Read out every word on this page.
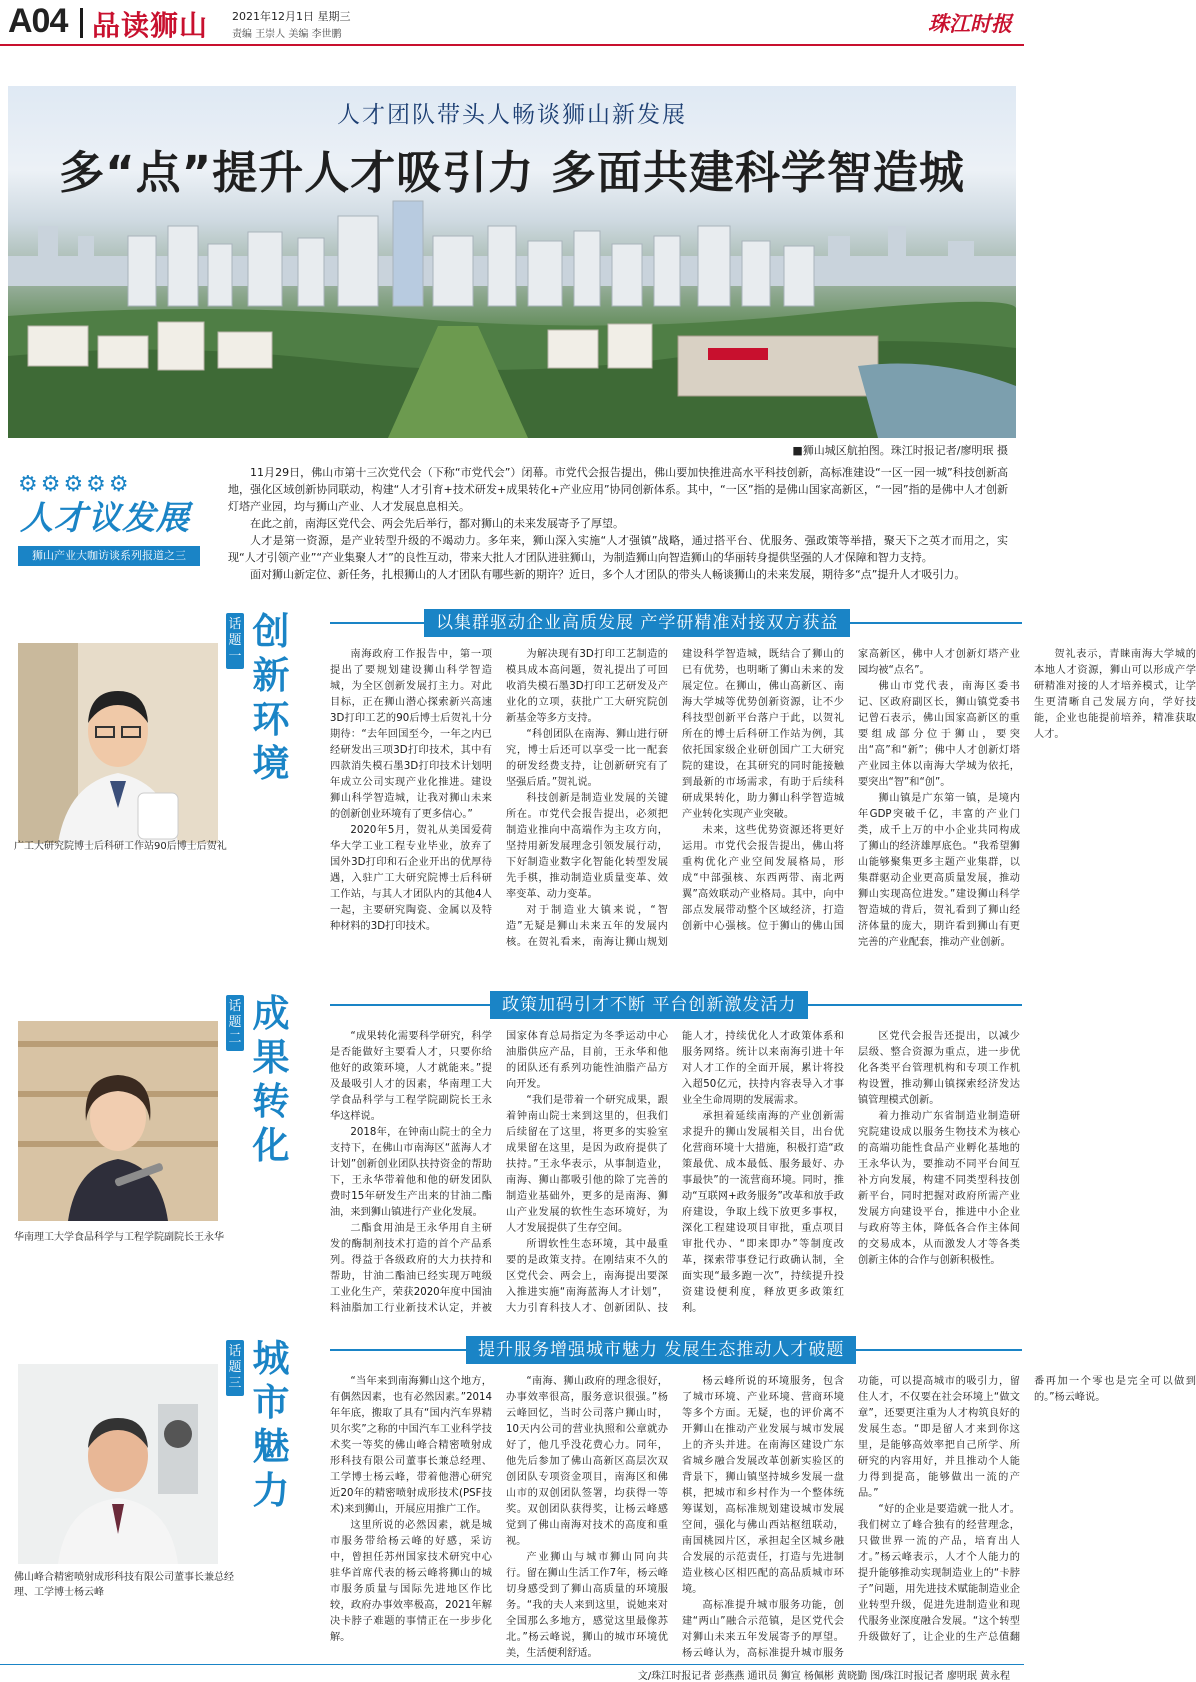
A04 品读狮山 2021年12月1日 星期三
责编 王崇人 美编 李世鹏	珠江时报
人才团队带头人畅谈狮山新发展
多“点”提升人才吸引力 多面共建科学智造城
■狮山城区航拍图。珠江时报记者/廖明珉 摄
⚙⚙⚙⚙⚙
人才议发展
狮山产业大咖访谈系列报道之三

11月29日，佛山市第十三次党代会（下称“市党代会”）闭幕。市党代会报告提出，佛山要加快推进高水平科技创新，高标准建设“一区一园一城”科技创新高地，强化区域创新协同联动，构建“人才引育+技术研发+成果转化+产业应用”协同创新体系。其中，“一区”指的是佛山国家高新区，“一园”指的是佛中人才创新灯塔产业园，均与狮山产业、人才发展息息相关。

在此之前，南海区党代会、两会先后举行，都对狮山的未来发展寄予了厚望。

人才是第一资源，是产业转型升级的不竭动力。多年来，狮山深入实施“人才强镇”战略，通过搭平台、优服务、强政策等举措，聚天下之英才而用之，实现“人才引领产业”“产业集聚人才”的良性互动，带来大批人才团队进驻狮山，为制造狮山向智造狮山的华丽转身提供坚强的人才保障和智力支持。

面对狮山新定位、新任务，扎根狮山的人才团队有哪些新的期许？近日，多个人才团队的带头人畅谈狮山的未来发展，期待多“点”提升人才吸引力。

话题一
创新环境
以集群驱动企业高质发展 产学研精准对接双方获益
广工大研究院博士后科研工作站90后博士后贺礼

南海政府工作报告中，第一项提出了要规划建设狮山科学智造城，为全区创新发展打主力。对此目标，正在狮山潜心探索新兴高速3D打印工艺的90后博士后贺礼十分期待：“去年回国至今，一年之内已经研发出三项3D打印技术，其中有四款消失模石墨3D打印技术计划明年成立公司实现产业化推进。建设狮山科学智造城，让我对狮山未来的创新创业环境有了更多信心。”

2020年5月，贺礼从美国爱荷华大学工业工程专业毕业，放弃了国外3D打印和石企业开出的优厚待遇，入驻广工大研究院博士后科研工作站，与其人才团队内的其他4人一起，主要研究陶瓷、金属以及特种材料的3D打印技术。

为解决现有3D打印工艺制造的模具成本高问题，贺礼提出了可回收消失模石墨3D打印工艺研发及产业化的立项，获批广工大研究院创新基金等多方支持。

“科创团队在南海、狮山进行研究，博士后还可以享受一比一配套的研发经费支持，让创新研究有了坚强后盾。”贺礼说。

科技创新是制造业发展的关键所在。市党代会报告提出，必须把制造业推向中高端作为主攻方向，坚持用新发展理念引领发展行动，下好制造业数字化智能化转型发展先手棋，推动制造业质量变革、效率变革、动力变革。

对于制造业大镇来说，“智造”无疑是狮山未来五年的发展内核。在贺礼看来，南海让狮山规划建设科学智造城，既结合了狮山的已有优势，也明晰了狮山未来的发展定位。在狮山，佛山高新区、南海大学城等优势创新资源，让不少科技型创新平台落户于此，以贺礼所在的博士后科研工作站为例，其依托国家级企业研创国广工大研究院的建设，在其研究的同时能接触到最新的市场需求，有助于后续科研成果转化，助力狮山科学智造城产业转化实现产业突破。

未来，这些优势资源还将更好运用。市党代会报告提出，佛山将重构优化产业空间发展格局，形成“中部强核、东西两带、南北两翼”高效联动产业格局。其中，向中部点发展带动整个区域经济，打造创新中心强核。位于狮山的佛山国家高新区，佛中人才创新灯塔产业园均被“点名”。

佛山市党代表，南海区委书记、区政府副区长，狮山镇党委书记曾石表示，佛山国家高新区的重要组成部分位于狮山，要突出“高”和“新”；佛中人才创新灯塔产业园主体以南海大学城为依托，要突出“智”和“创”。

狮山镇是广东第一镇，是境内年GDP突破千亿，丰富的产业门类，成千上万的中小企业共同构成了狮山的经济雄厚底色。“我希望狮山能够聚集更多主题产业集群，以集群驱动企业更高质量发展，推动狮山实现高位进发。”建设狮山科学智造城的背后，贺礼看到了狮山经济体量的庞大，期许看到狮山有更完善的产业配套，推动产业创新。

贺礼表示，青睐南海大学城的本地人才资源，狮山可以形成产学研精准对接的人才培养模式，让学生更清晰自己发展方向，学好技能，企业也能提前培养，精准获取人才。

话题二
成果转化
政策加码引才不断 平台创新激发活力
华南理工大学食品科学与工程学院副院长王永华

“成果转化需要科学研究，科学是否能做好主要看人才，只要你给他好的政策环境，人才就能来。”提及最吸引人才的因素，华南理工大学食品科学与工程学院副院长王永华这样说。

2018年，在钟南山院士的全力支持下，在佛山市南海区“蓝海人才计划”创新创业团队扶持资金的帮助下，王永华带着他和他的研发团队费时15年研发生产出来的甘油二酯油，来到狮山镇进行产业化发展。

二酯食用油是王永华用自主研发的酶制剂技术打造的首个产品系列。得益于各级政府的大力扶持和帮助，甘油二酯油已经实现万吨级工业化生产，荣获2020年度中国油料油脂加工行业新技术认定，并被国家体育总局指定为冬季运动中心油脂供应产品，目前，王永华和他的团队还有系列功能性油脂产品方向开发。

“我们是带着一个研究成果，跟着钟南山院士来到这里的，但我们后续留在了这里，将更多的实验室成果留在这里，是因为政府提供了扶持。”王永华表示，从事制造业，南海、狮山都吸引他的除了完善的制造业基础外，更多的是南海、狮山产业发展的软性生态环境好，为人才发展提供了生存空间。

所谓软性生态环境，其中最重要的是政策支持。在刚结束不久的区党代会、两会上，南海提出要深入推进实施“南海蓝海人才计划”，大力引育科技人才、创新团队、技能人才，持续优化人才政策体系和服务网络。统计以来南海引进十年对人才工作的全面开展，累计将投入超50亿元，扶持内容表导入才事业全生命周期的发展需求。

承担着延续南海的产业创新需求提升的狮山发展相关目，出台优化营商环境十大措施，积极打造“政策最优、成本最低、服务最好、办事最快”的一流营商环境。同时，推动“互联网+政务服务”改革和放手政府建设，争取上线下放更多事权，深化工程建设项目审批，重点项目审批代办、“即来即办”等制度改革，探索带事登记行政确认制，全面实现“最多跑一次”，持续提升投资建设便利度，释放更多政策红利。

区党代会报告还提出，以减少层级、整合资源为重点，进一步优化各类平台管理机构和专项工作机构设置，推动狮山镇探索经济发达镇管理模式创新。

着力推动广东省制造业制造研究院建设成以服务生物技术为核心的高端功能性食品产业孵化基地的王永华认为，要推动不同平台间互补方向发展，构建不同类型科技创新平台，同时把握对政府所需产业发展方向建设平台，推进中小企业与政府等主体，降低各合作主体间的交易成本，从而激发人才等各类创新主体的合作与创新积极性。

话题三
城市魅力
提升服务增强城市魅力 发展生态推动人才破题
佛山峰合精密喷射成形科技有限公司董事长兼总经理、工学博士杨云峰

“当年来到南海狮山这个地方，有偶然因素，也有必然因素。”2014年年底，搬取了具有“国内汽车界精贝尔奖”之称的中国汽车工业科学技术奖一等奖的佛山峰合精密喷射成形科技有限公司董事长兼总经理、工学博士杨云峰，带着他潜心研究近20年的精密喷射成形技术(PSF技术)来到狮山，开展应用推广工作。

这里所说的必然因素，就是城市服务带给杨云峰的好感，采访中，曾担任苏州国家技术研究中心驻华首席代表的杨云峰将狮山的城市服务质量与国际先进地区作比较，政府办事效率极高，2021年解决卡脖子难题的事情正在一步步化解。

“南海、狮山政府的理念很好，办事效率很高，服务意识很强。”杨云峰回忆，当时公司落户狮山时，10天内公司的营业执照和公章就办好了，他几乎没花费心力。同年，他先后参加了佛山高新区高层次双创团队专项资金项目，南海区和佛山市的双创团队签署，均获得一等奖。双创团队获得奖，让杨云峰感觉到了佛山南海对技术的高度和重视。

产业狮山与城市狮山同向共行。留在狮山生活工作7年，杨云峰切身感受到了狮山高质量的环境服务。“我的夫人来到这里，说她来对全国那么多地方，感觉这里最像苏北。”杨云峰说，狮山的城市环境优美，生活便利舒适。

杨云峰所说的环境服务，包含了城市环境、产业环境、营商环境等多个方面。无疑，也的评价离不开狮山在推动产业发展与城市发展上的齐头并进。在南海区建设广东省城乡融合发展改革创新实验区的背景下，狮山镇坚持城乡发展一盘棋，把城市和乡村作为一个整体统筹谋划，高标准规划建设城市发展空间，强化与佛山西站枢纽联动，南国桃园片区，承担起全区城乡融合发展的示范责任，打造与先进制造业核心区相匹配的高品质城市环境。

高标准提升城市服务功能，创建“两山”融合示范镇，是区党代会对狮山未来五年发展寄予的厚望。杨云峰认为，高标准提升城市服务功能，可以提高城市的吸引力，留住人才，不仅要在社会环境上“做文章”，还要更注重为人才构筑良好的发展生态。“即是留人才来到你这里，是能够高效率把自己所学、所研究的内容用好，并且推动个人能力得到提高，能够做出一流的产品。”

“好的企业是要造就一批人才。我们树立了峰合独有的经营理念，只做世界一流的产品，培育出人才。”杨云峰表示，人才个人能力的提升能够推动实现制造业上的“卡脖子”问题，用先进技术赋能制造业企业转型升级，促进先进制造业和现代服务业深度融合发展。“这个转型升级做好了，让企业的生产总值翻番再加一个零也是完全可以做到的。”杨云峰说。

文/珠江时报记者 彭燕燕 通讯员 狮宣 杨佩彬 黄晓勤 图/珠江时报记者 廖明珉 黄永程
